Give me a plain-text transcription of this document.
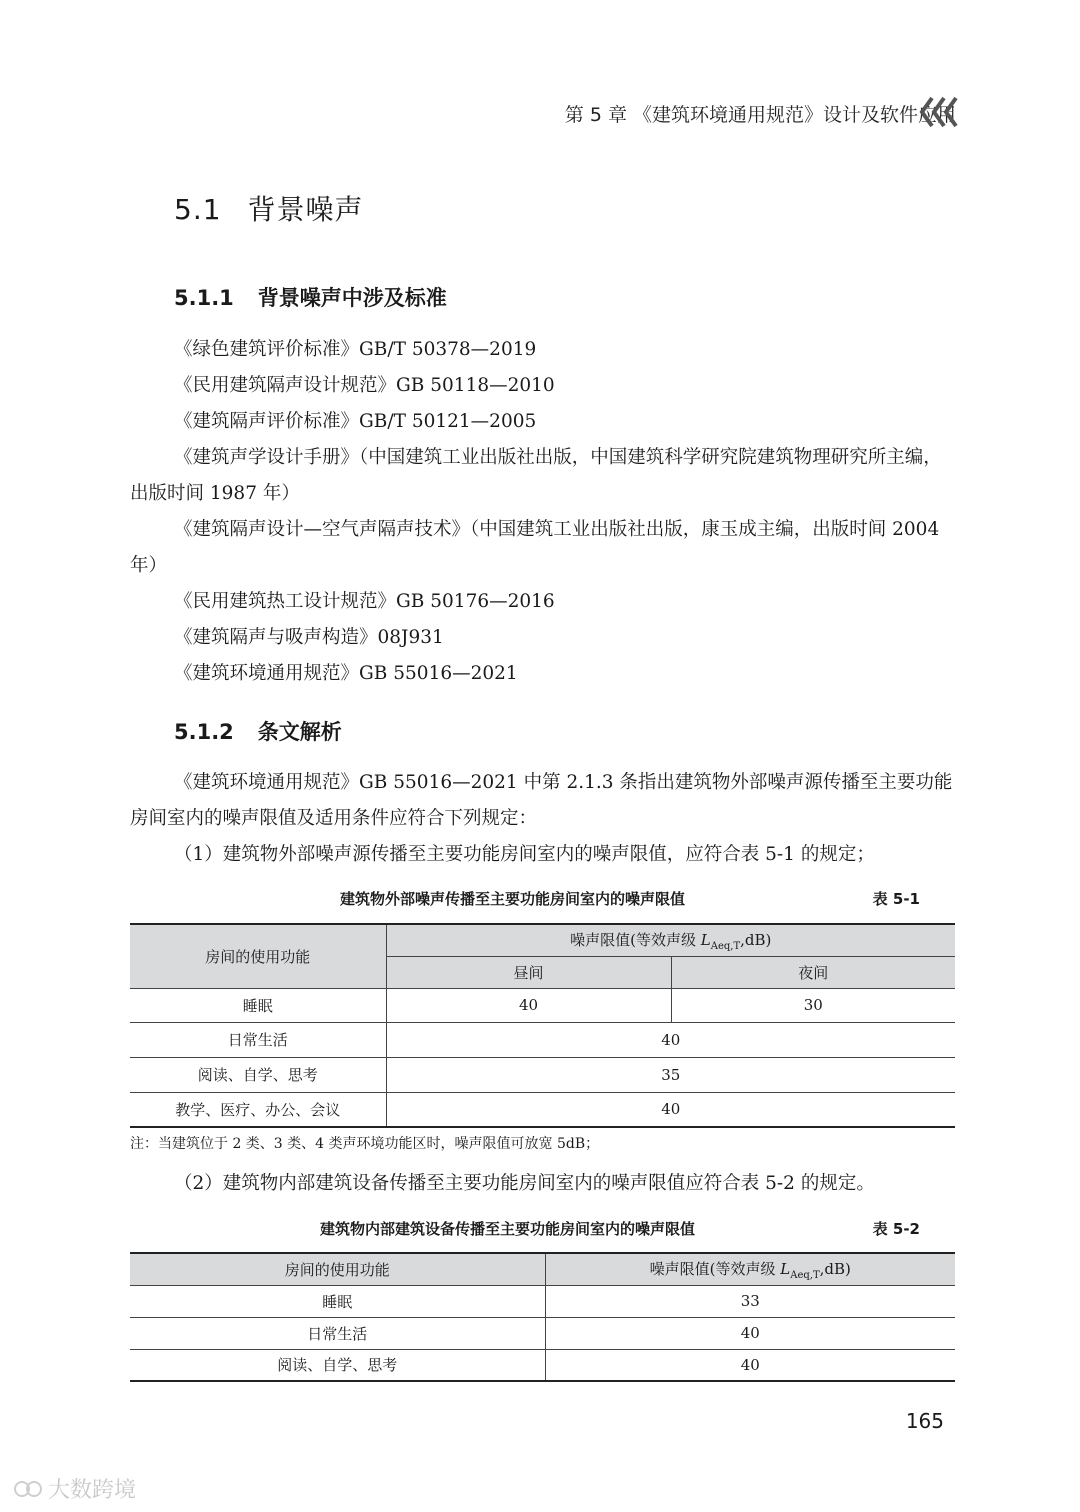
第 5 章 《建筑环境通用规范》设计及软件应用
5.1 背景噪声
5.1.1 背景噪声中涉及标准

《绿色建筑评价标准》GB/T 50378—2019

《民用建筑隔声设计规范》GB 50118—2010

《建筑隔声评价标准》GB/T 50121—2005

《建筑声学设计手册》（中国建筑工业出版社出版，中国建筑科学研究院建筑物理研究所主编，出版时间 1987 年）

《建筑隔声设计—空气声隔声技术》（中国建筑工业出版社出版，康玉成主编，出版时间 2004 年）

《民用建筑热工设计规范》GB 50176—2016

《建筑隔声与吸声构造》08J931

《建筑环境通用规范》GB 55016—2021

5.1.2 条文解析

《建筑环境通用规范》GB 55016—2021 中第 2.1.3 条指出建筑物外部噪声源传播至主要功能房间室内的噪声限值及适用条件应符合下列规定：

（1）建筑物外部噪声源传播至主要功能房间室内的噪声限值，应符合表 5-1 的规定；

建筑物外部噪声传播至主要功能房间室内的噪声限值	表 5-1
房间的使用功能	噪声限值(等效声级 $L_{Aeq,T},dB$)	
	昼间	夜间
睡眠	40	30
日常生活	40	
阅读、自学、思考	35	
教学、医疗、办公、会议	40	
注：当建筑位于 2 类、3 类、4 类声环境功能区时，噪声限值可放宽 5dB；

（2）建筑物内部建筑设备传播至主要功能房间室内的噪声限值应符合表 5-2 的规定。

建筑物内部建筑设备传播至主要功能房间室内的噪声限值	表 5-2
房间的使用功能	噪声限值(等效声级 $L_{Aeq,T},dB$)
睡眠	33
日常生活	40
阅读、自学、思考	40
165
大数跨境
